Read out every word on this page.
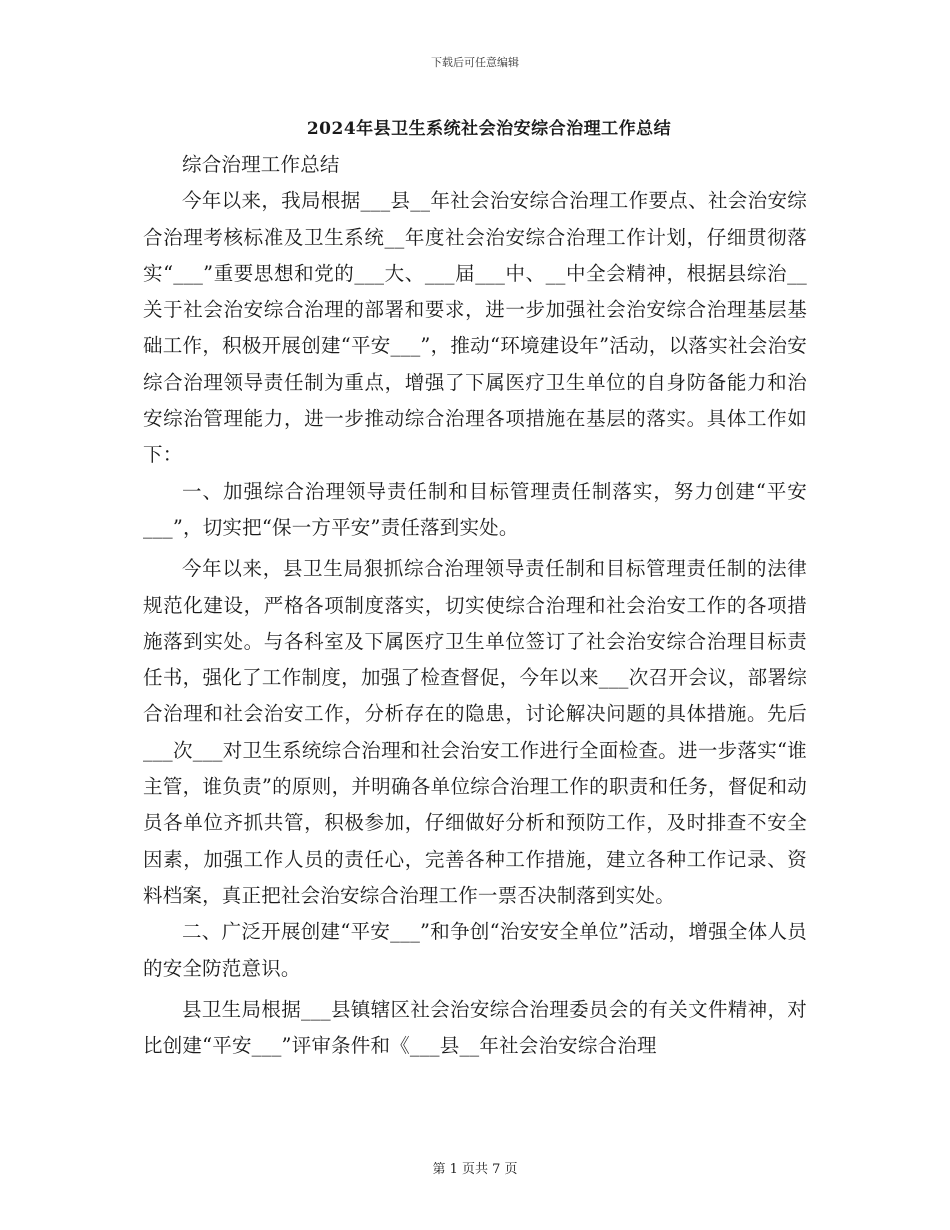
下载后可任意编辑
2024年县卫生系统社会治安综合治理工作总结

综合治理工作总结

今年以来，我局根据___县__年社会治安综合治理工作要点、社会治安综合治理考核标准及卫生系统__年度社会治安综合治理工作计划，仔细贯彻落实“___”重要思想和党的___大、___届___中、__中全会精神，根据县综治__关于社会治安综合治理的部署和要求，进一步加强社会治安综合治理基层基础工作，积极开展创建“平安___”，推动“环境建设年”活动，以落实社会治安综合治理领导责任制为重点，增强了下属医疗卫生单位的自身防备能力和治安综治管理能力，进一步推动综合治理各项措施在基层的落实。具体工作如下：

一、加强综合治理领导责任制和目标管理责任制落实，努力创建“平安___”，切实把“保一方平安”责任落到实处。

今年以来，县卫生局狠抓综合治理领导责任制和目标管理责任制的法律规范化建设，严格各项制度落实，切实使综合治理和社会治安工作的各项措施落到实处。与各科室及下属医疗卫生单位签订了社会治安综合治理目标责任书，强化了工作制度，加强了检查督促，今年以来___次召开会议，部署综合治理和社会治安工作，分析存在的隐患，讨论解决问题的具体措施。先后___次___对卫生系统综合治理和社会治安工作进行全面检查。进一步落实“谁主管，谁负责”的原则，并明确各单位综合治理工作的职责和任务，督促和动员各单位齐抓共管，积极参加，仔细做好分析和预防工作，及时排查不安全因素，加强工作人员的责任心，完善各种工作措施，建立各种工作记录、资料档案，真正把社会治安综合治理工作一票否决制落到实处。

二、广泛开展创建“平安___”和争创“治安安全单位”活动，增强全体人员的安全防范意识。

县卫生局根据___县镇辖区社会治安综合治理委员会的有关文件精神，对比创建“平安___”评审条件和《___县__年社会治安综合治理

第 1 页共 7 页
